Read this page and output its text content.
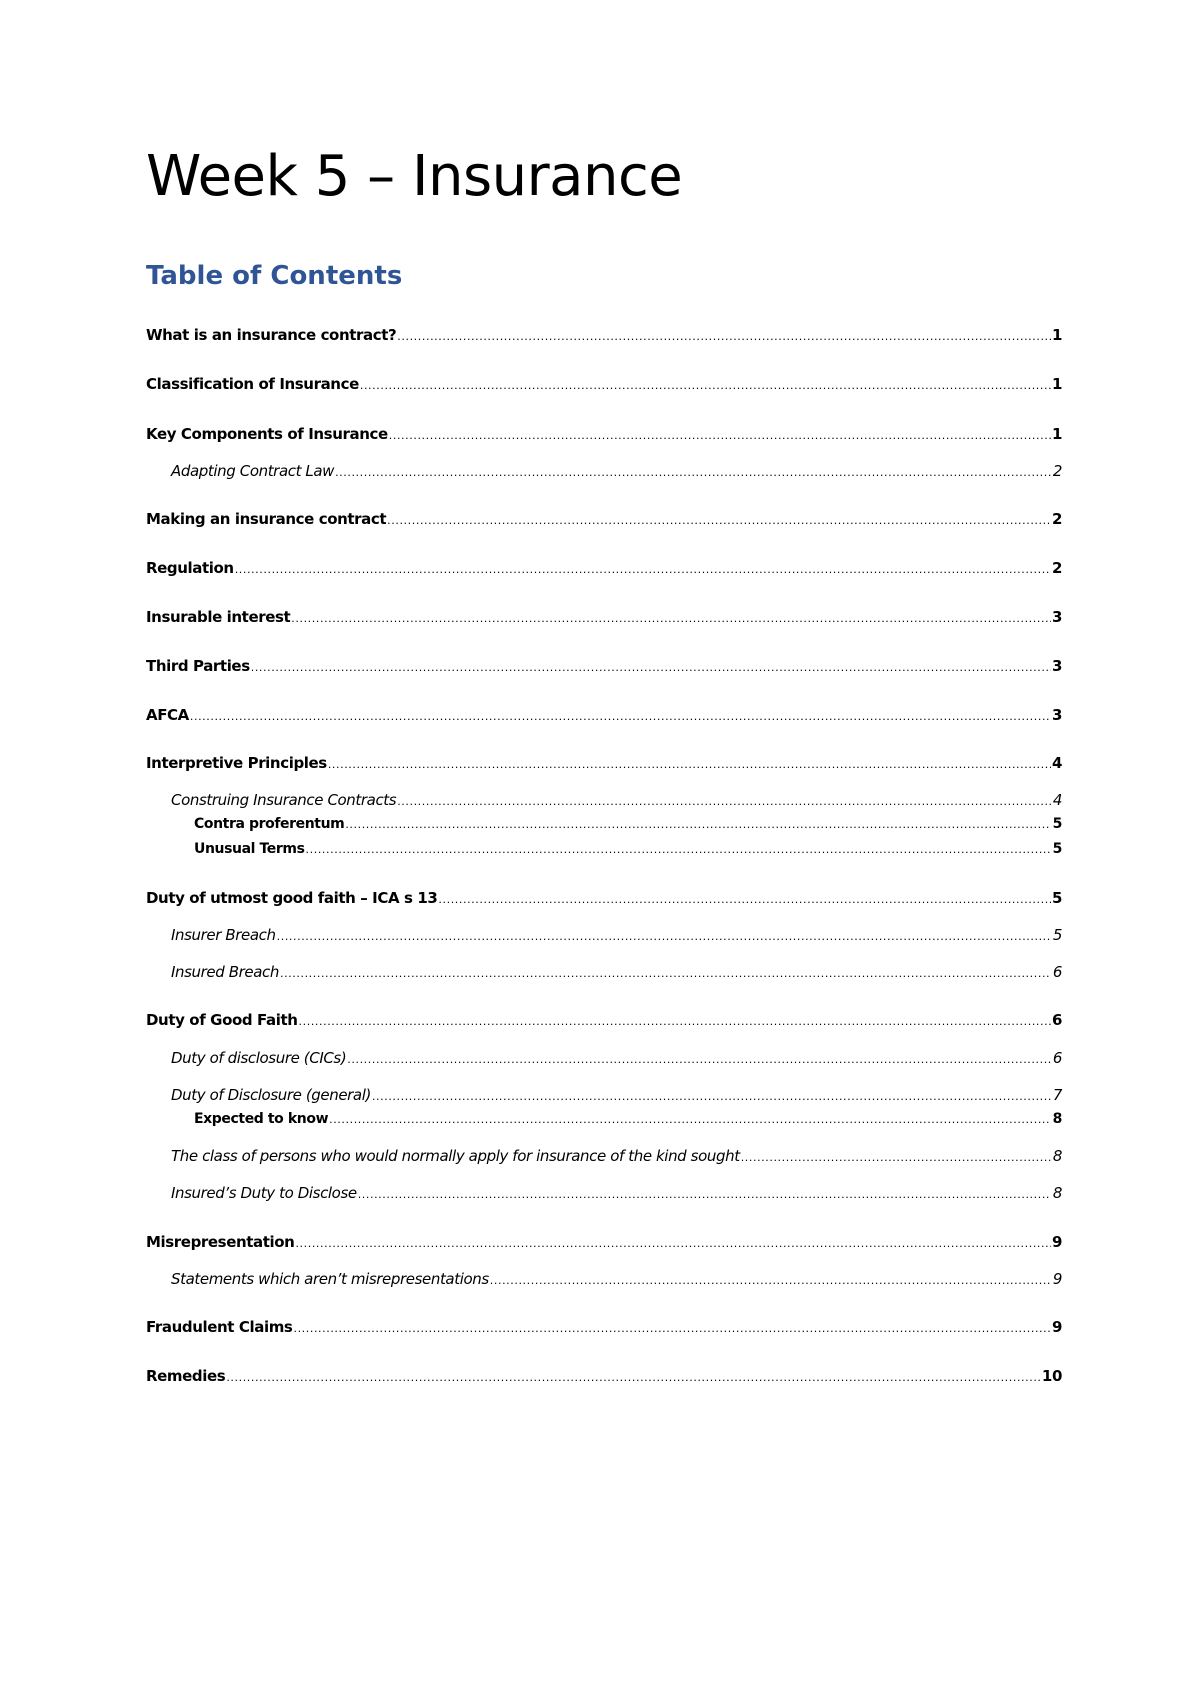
Week 5 – Insurance
Table of Contents
What is an insurance contract? .....	1
Classification of Insurance .....	1
Key Components of Insurance .....	1
Adapting Contract Law .....	2
Making an insurance contract .....	2
Regulation .....	2
Insurable interest .....	3
Third Parties .....	3
AFCA .....	3
Interpretive Principles .....	4
Construing Insurance Contracts .....	4
Contra proferentum .....	5
Unusual Terms .....	5
Duty of utmost good faith – ICA s 13 .....	5
Insurer Breach .....	5
Insured Breach .....	6
Duty of Good Faith .....	6
Duty of disclosure (CICs) .....	6
Duty of Disclosure (general) .....	7
Expected to know .....	8
The class of persons who would normally apply for insurance of the kind sought .....	8
Insured’s Duty to Disclose .....	8
Misrepresentation .....	9
Statements which aren’t misrepresentations .....	9
Fraudulent Claims .....	9
Remedies .....	10
